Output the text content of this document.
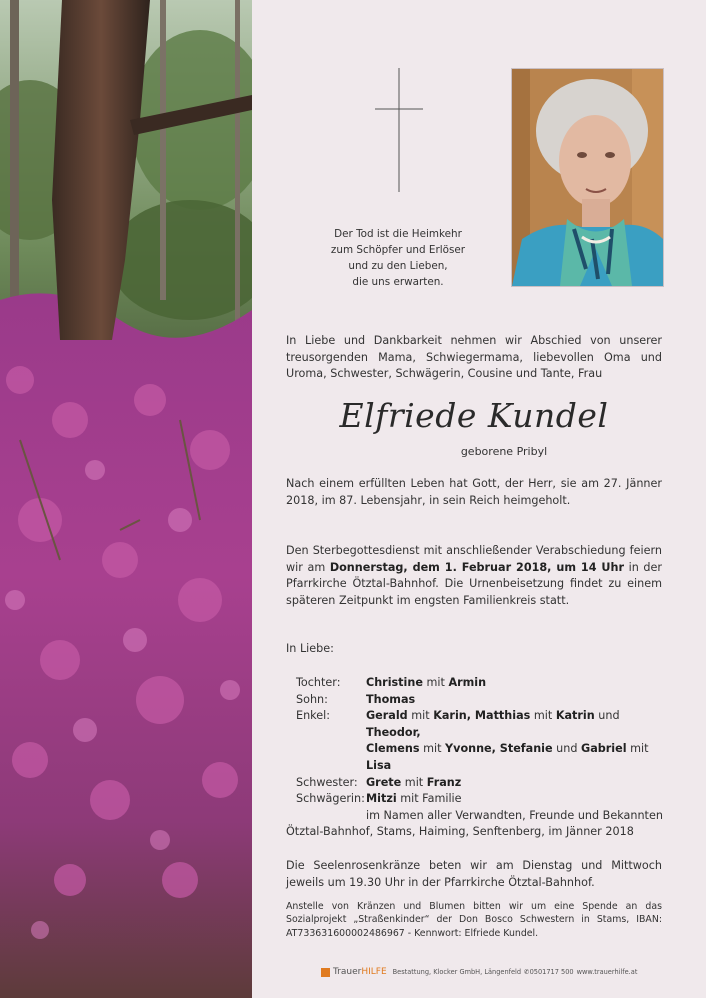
Der Tod ist die Heimkehr
zum Schöpfer und Erlöser
und zu den Lieben,
die uns erwarten.
In Liebe und Dankbarkeit nehmen wir Abschied von unserer treusorgenden Mama, Schwiegermama, liebevollen Oma und Uroma, Schwester, Schwägerin, Cousine und Tante, Frau
Elfriede Kundel
geborene Pribyl
Nach einem erfüllten Leben hat Gott, der Herr, sie am 27. Jänner 2018, im 87. Lebensjahr, in sein Reich heimgeholt.
Den Sterbegottesdienst mit anschließender Verabschiedung feiern wir am Donnerstag, dem 1. Februar 2018, um 14 Uhr in der Pfarrkirche Ötztal-Bahnhof. Die Urnenbeisetzung findet zu einem späteren Zeitpunkt im engsten Familienkreis statt.
In Liebe:
Tochter:	Christine mit Armin
Sohn:	Thomas
Enkel:	Gerald mit Karin, Matthias mit Katrin und Theodor,
Clemens mit Yvonne, Stefanie und Gabriel mit Lisa
Schwester: Grete mit Franz
Schwägerin: Mitzi mit Familie
im Namen aller Verwandten, Freunde und Bekannten
Ötztal-Bahnhof, Stams, Haiming, Senftenberg, im Jänner 2018
Die Seelenrosenkränze beten wir am Dienstag und Mittwoch jeweils um 19.30 Uhr in der Pfarrkirche Ötztal-Bahnhof.
Anstelle von Kränzen und Blumen bitten wir um eine Spende an das Sozialprojekt „Straßenkinder“ der Don Bosco Schwestern in Stams, IBAN: AT733631600002486967 - Kennwort: Elfriede Kundel.
TrauerHILFE Bestattung, Klocker GmbH, Längenfeld ✆0501717 500 www.trauerhilfe.at
